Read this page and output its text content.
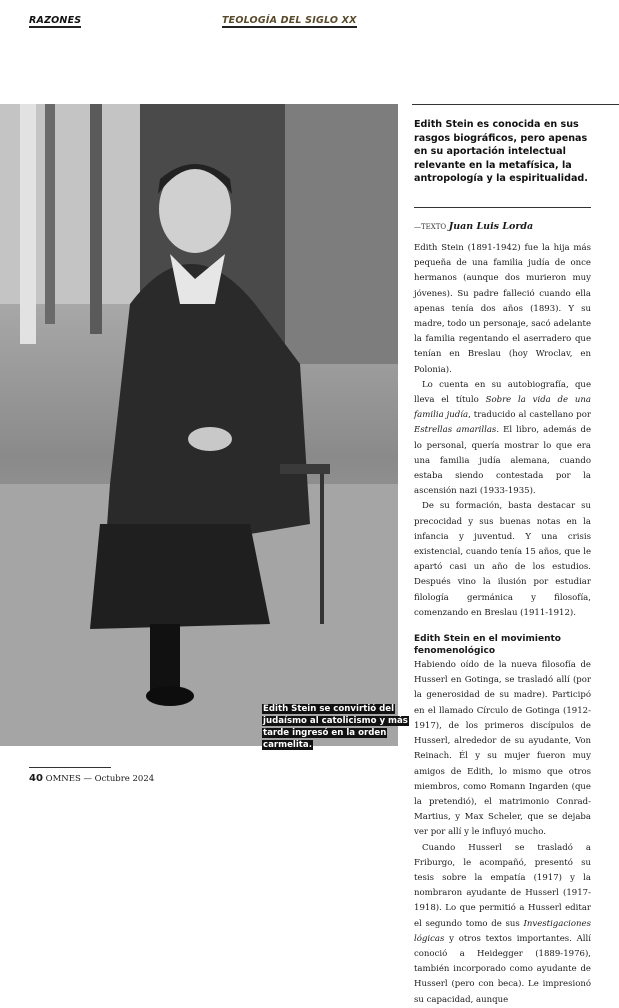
RAZONES	TEOLOGÍA DEL SIGLO XX
Edith Stein se convirtió del judaísmo al catolicismo y más tarde ingresó en la orden carmelita.
Edith Stein es conocida en sus rasgos biográficos, pero apenas en su aportación intelectual relevante en la metafísica, la antropología y la espiritualidad.
—TEXTO Juan Luis Lorda

Edith Stein (1891-1942) fue la hija más pequeña de una familia judía de once hermanos (aunque dos murieron muy jóvenes). Su padre falleció cuando ella apenas tenía dos años (1893). Y su madre, todo un personaje, sacó adelante la familia regentando el aserradero que tenían en Breslau (hoy Wroclav, en Polonia).

Lo cuenta en su autobiografía, que lleva el título Sobre la vida de una familia judía, traducido al castellano por Estrellas amarillas. El libro, además de lo personal, quería mostrar lo que era una familia judía alemana, cuando estaba siendo contestada por la ascensión nazi (1933-1935).

De su formación, basta destacar su precocidad y sus buenas notas en la infancia y juventud. Y una crisis existencial, cuando tenía 15 años, que le apartó casi un año de los estudios. Después vino la ilusión por estudiar filología germánica y filosofía, comenzando en Breslau (1911-1912).

Edith Stein en el movimiento fenomenológico

Habiendo oído de la nueva filosofía de Husserl en Gotinga, se trasladó allí (por la generosidad de su madre). Participó en el llamado Círculo de Gotinga (1912-1917), de los primeros discípulos de Husserl, alrededor de su ayudante, Von Reinach. Él y su mujer fueron muy amigos de Edith, lo mismo que otros miembros, como Romann Ingarden (que la pretendió), el matrimonio Conrad-Martius, y Max Scheler, que se dejaba ver por allí y le influyó mucho.

Cuando Husserl se trasladó a Friburgo, le acompañó, presentó su tesis sobre la empatía (1917) y la nombraron ayudante de Husserl (1917-1918). Lo que permitió a Husserl editar el segundo tomo de sus Investigaciones lógicas y otros textos importantes. Allí conoció a Heidegger (1889-1976), también incorporado como ayudante de Husserl (pero con beca). Le impresionó su capacidad, aunque

40 OMNES — Octubre 2024
